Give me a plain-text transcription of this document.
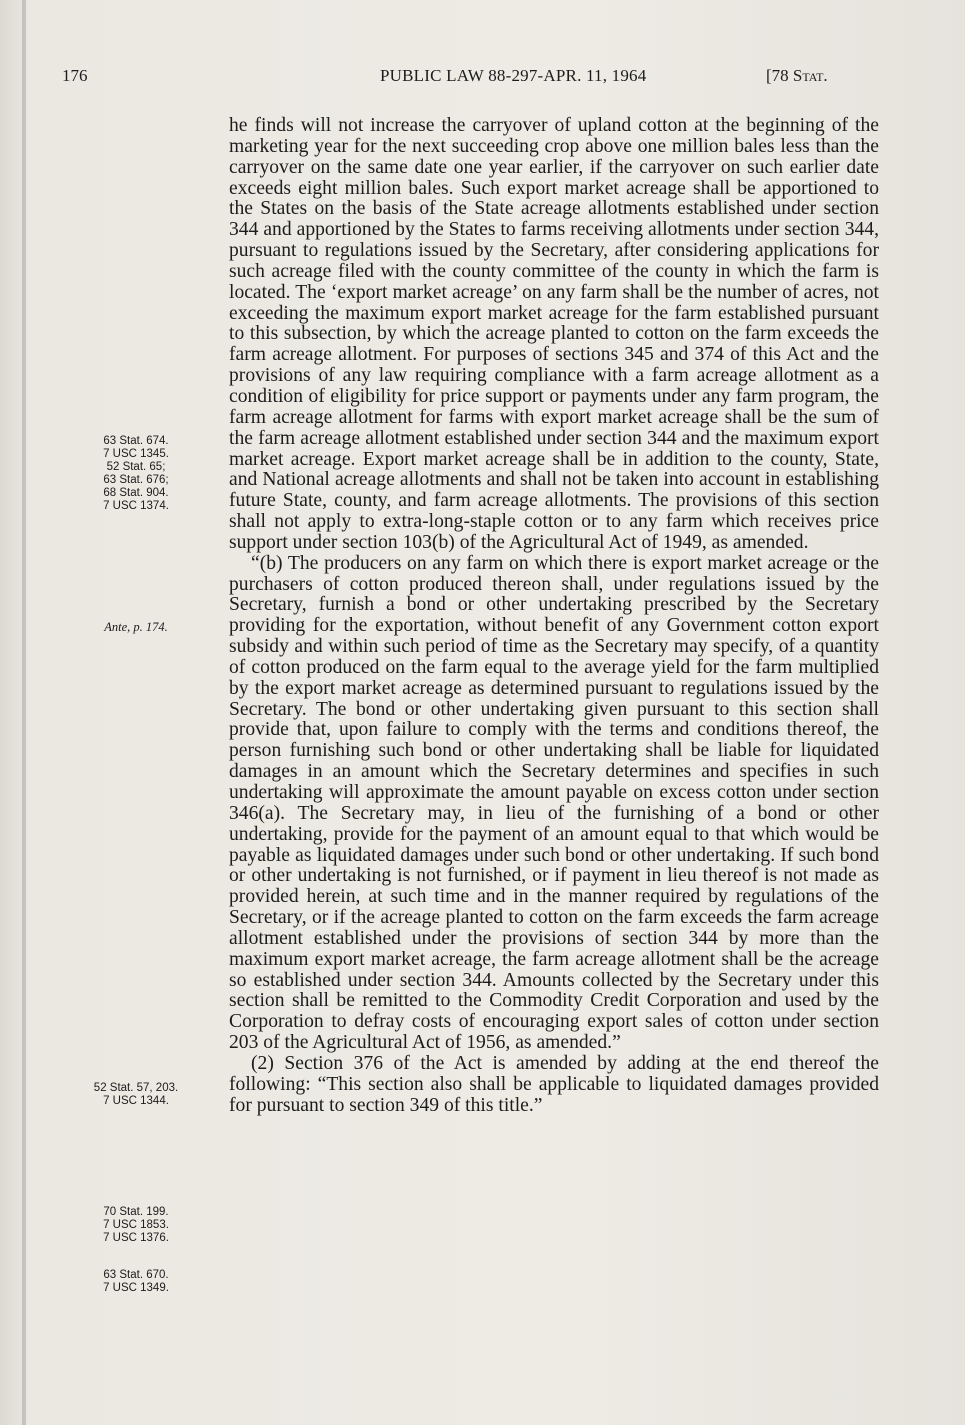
176	PUBLIC LAW 88-297-APR. 11, 1964	[78 Stat.
63 Stat. 674.
7 USC 1345.
52 Stat. 65;
63 Stat. 676;
68 Stat. 904.
7 USC 1374.
Ante, p. 174.
52 Stat. 57, 203.
7 USC 1344.
70 Stat. 199.
7 USC 1853.
7 USC 1376.
63 Stat. 670.
7 USC 1349.

he finds will not increase the carryover of upland cotton at the beginning of the marketing year for the next succeeding crop above one million bales less than the carryover on the same date one year earlier, if the carryover on such earlier date exceeds eight million bales. Such export market acreage shall be apportioned to the States on the basis of the State acreage allotments established under section 344 and apportioned by the States to farms receiving allotments under section 344, pursuant to regulations issued by the Secretary, after considering applications for such acreage filed with the county committee of the county in which the farm is located. The ‘export market acreage’ on any farm shall be the number of acres, not exceeding the maximum export market acreage for the farm established pursuant to this subsection, by which the acreage planted to cotton on the farm exceeds the farm acreage allotment. For purposes of sections 345 and 374 of this Act and the provisions of any law requiring compliance with a farm acreage allotment as a condition of eligibility for price support or payments under any farm program, the farm acreage allotment for farms with export market acreage shall be the sum of the farm acreage allotment established under section 344 and the maximum export market acreage. Export market acreage shall be in addition to the county, State, and National acreage allotments and shall not be taken into account in establishing future State, county, and farm acreage allotments. The provisions of this section shall not apply to extra-long-staple cotton or to any farm which receives price support under section 103(b) of the Agricultural Act of 1949, as amended.

“(b) The producers on any farm on which there is export market acreage or the purchasers of cotton produced thereon shall, under regulations issued by the Secretary, furnish a bond or other undertaking prescribed by the Secretary providing for the exportation, without benefit of any Government cotton export subsidy and within such period of time as the Secretary may specify, of a quantity of cotton produced on the farm equal to the average yield for the farm multiplied by the export market acreage as determined pursuant to regulations issued by the Secretary. The bond or other undertaking given pursuant to this section shall provide that, upon failure to comply with the terms and conditions thereof, the person furnishing such bond or other undertaking shall be liable for liquidated damages in an amount which the Secretary determines and specifies in such undertaking will approximate the amount payable on excess cotton under section 346(a). The Secretary may, in lieu of the furnishing of a bond or other undertaking, provide for the payment of an amount equal to that which would be payable as liquidated damages under such bond or other undertaking. If such bond or other undertaking is not furnished, or if payment in lieu thereof is not made as provided herein, at such time and in the manner required by regulations of the Secretary, or if the acreage planted to cotton on the farm exceeds the farm acreage allotment established under the provisions of section 344 by more than the maximum export market acreage, the farm acreage allotment shall be the acreage so established under section 344. Amounts collected by the Secretary under this section shall be remitted to the Commodity Credit Corporation and used by the Corporation to defray costs of encouraging export sales of cotton under section 203 of the Agricultural Act of 1956, as amended.”

(2) Section 376 of the Act is amended by adding at the end thereof the following: “This section also shall be applicable to liquidated damages provided for pursuant to section 349 of this title.”
